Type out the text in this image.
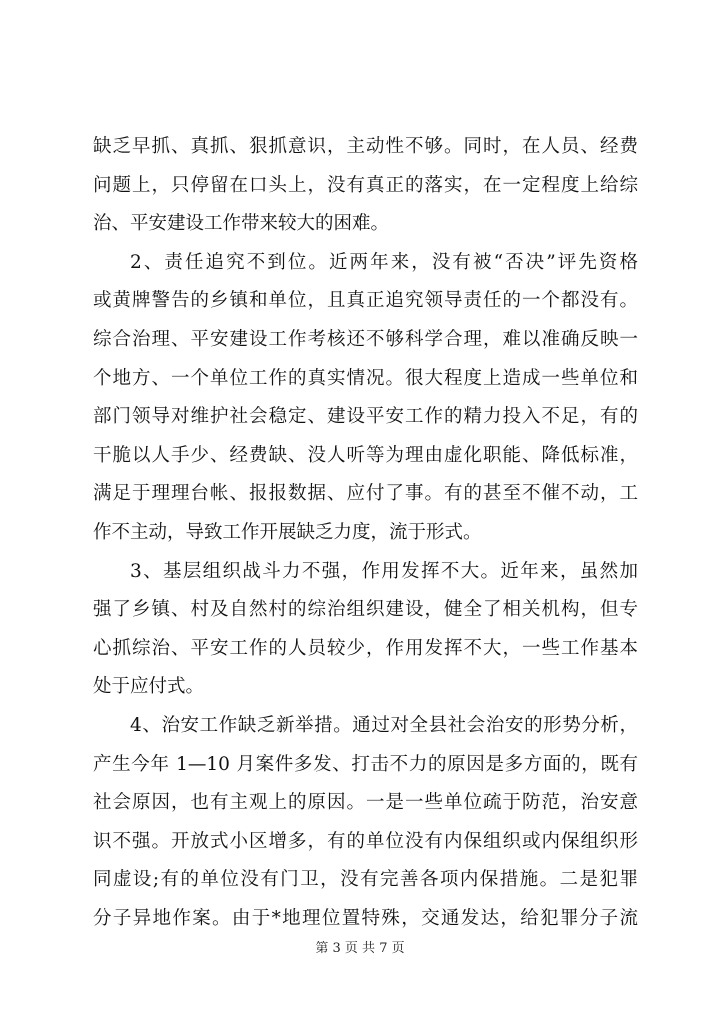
缺乏早抓、真抓、狠抓意识，主动性不够。同时，在人员、经费
问题上，只停留在口头上，没有真正的落实，在一定程度上给综
治、平安建设工作带来较大的困难。
2、责任追究不到位。近两年来，没有被“否决”评先资格
或黄牌警告的乡镇和单位，且真正追究领导责任的一个都没有。
综合治理、平安建设工作考核还不够科学合理，难以准确反映一
个地方、一个单位工作的真实情况。很大程度上造成一些单位和
部门领导对维护社会稳定、建设平安工作的精力投入不足，有的
干脆以人手少、经费缺、没人听等为理由虚化职能、降低标准，
满足于理理台帐、报报数据、应付了事。有的甚至不催不动，工
作不主动，导致工作开展缺乏力度，流于形式。
3、基层组织战斗力不强，作用发挥不大。近年来，虽然加
强了乡镇、村及自然村的综治组织建设，健全了相关机构，但专
心抓综治、平安工作的人员较少，作用发挥不大，一些工作基本
处于应付式。
4、治安工作缺乏新举措。通过对全县社会治安的形势分析，
产生今年 1—10 月案件多发、打击不力的原因是多方面的，既有
社会原因，也有主观上的原因。一是一些单位疏于防范，治安意
识不强。开放式小区增多，有的单位没有内保组织或内保组织形
同虚设;有的单位没有门卫，没有完善各项内保措施。二是犯罪
分子异地作案。由于*地理位置特殊，交通发达，给犯罪分子流
第 3 页 共 7 页
